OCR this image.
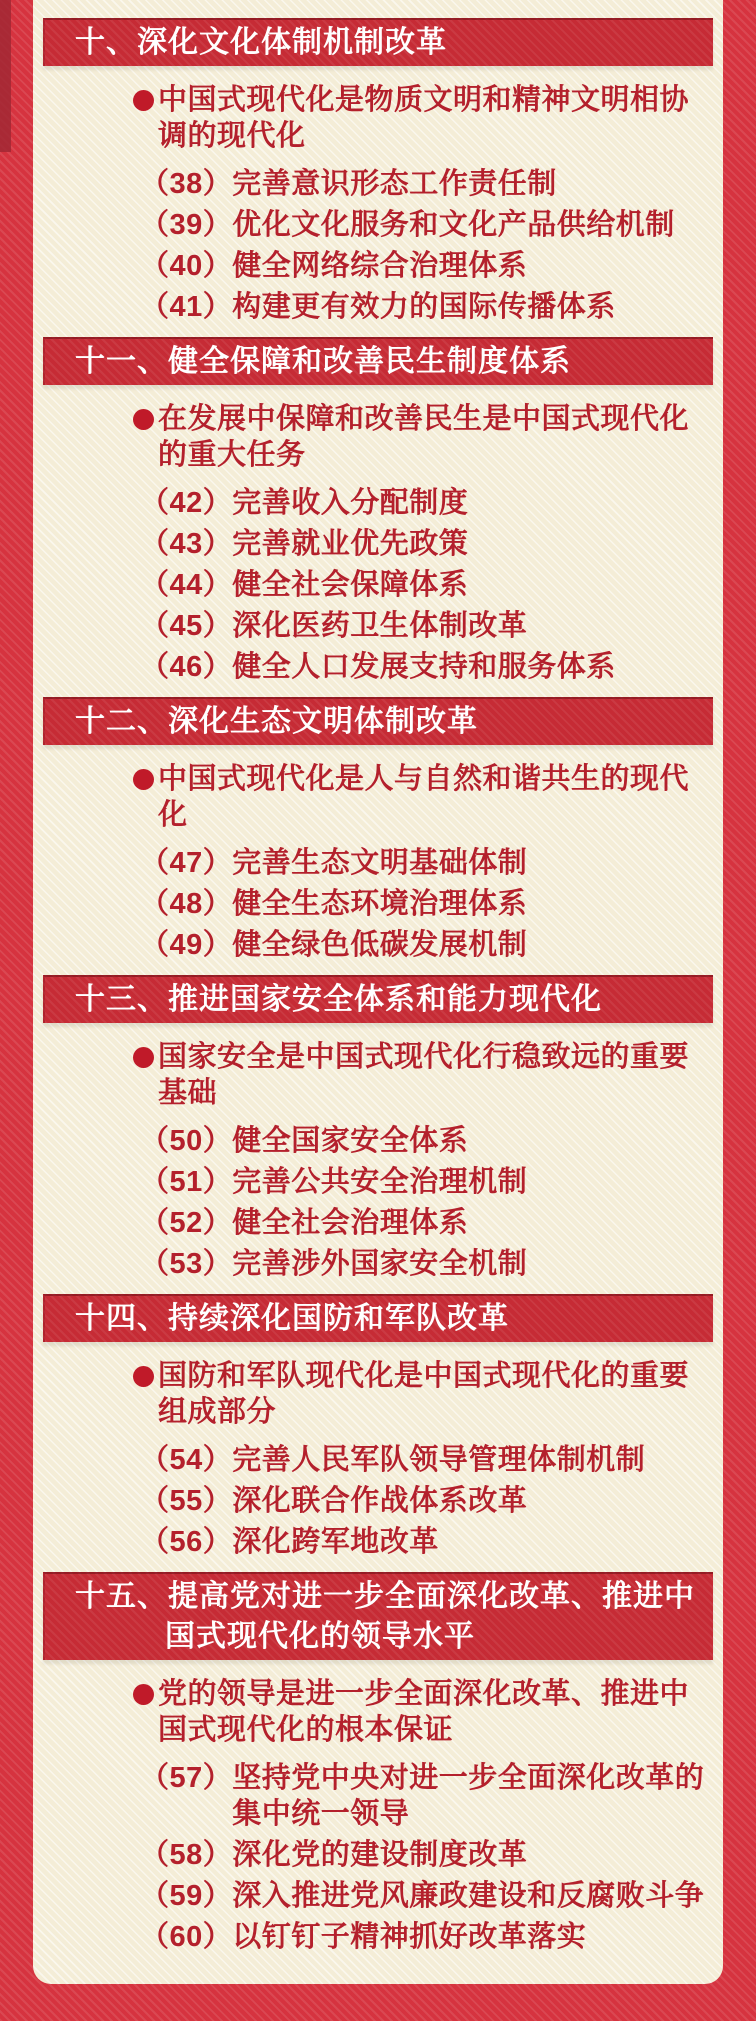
十、深化文化体制机制改革
中国式现代化是物质文明和精神文明相协调的现代化
（38） 完善意识形态工作责任制
（39） 优化文化服务和文化产品供给机制
（40） 健全网络综合治理体系
（41） 构建更有效力的国际传播体系
十一、健全保障和改善民生制度体系
在发展中保障和改善民生是中国式现代化的重大任务
（42） 完善收入分配制度
（43） 完善就业优先政策
（44） 健全社会保障体系
（45） 深化医药卫生体制改革
（46） 健全人口发展支持和服务体系
十二、深化生态文明体制改革
中国式现代化是人与自然和谐共生的现代化
（47） 完善生态文明基础体制
（48） 健全生态环境治理体系
（49） 健全绿色低碳发展机制
十三、推进国家安全体系和能力现代化
国家安全是中国式现代化行稳致远的重要基础
（50） 健全国家安全体系
（51） 完善公共安全治理机制
（52） 健全社会治理体系
（53） 完善涉外国家安全机制
十四、持续深化国防和军队改革
国防和军队现代化是中国式现代化的重要组成部分
（54） 完善人民军队领导管理体制机制
（55） 深化联合作战体系改革
（56） 深化跨军地改革
十五、提高党对进一步全面深化改革、推进中国式现代化的领导水平
党的领导是进一步全面深化改革、推进中国式现代化的根本保证
（57） 坚持党中央对进一步全面深化改革的集中统一领导
（58） 深化党的建设制度改革
（59） 深入推进党风廉政建设和反腐败斗争
（60） 以钉钉子精神抓好改革落实
